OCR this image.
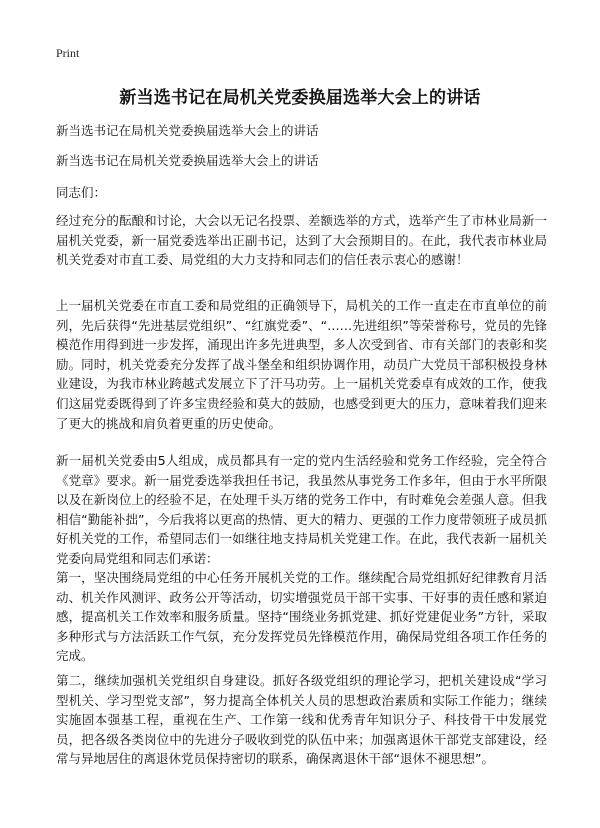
Print
新当选书记在局机关党委换届选举大会上的讲话
新当选书记在局机关党委换届选举大会上的讲话
新当选书记在局机关党委换届选举大会上的讲话
同志们：

经过充分的酝酿和讨论，大会以无记名投票、差额选举的方式，选举产生了市林业局新一届机关党委，新一届党委选举出正副书记，达到了大会预期目的。在此，我代表市林业局机关党委对市直工委、局党组的大力支持和同志们的信任表示衷心的感谢！

上一届机关党委在市直工委和局党组的正确领导下，局机关的工作一直走在市直单位的前列，先后获得“先进基层党组织”、“红旗党委”、“……先进组织”等荣誉称号，党员的先锋模范作用得到进一步发挥，涌现出许多先进典型，多人次受到省、市有关部门的表彰和奖励。同时，机关党委充分发挥了战斗堡垒和组织协调作用，动员广大党员干部积极投身林业建设，为我市林业跨越式发展立下了汗马功劳。上一届机关党委卓有成效的工作，使我们这届党委既得到了许多宝贵经验和莫大的鼓励，也感受到更大的压力，意味着我们迎来了更大的挑战和肩负着更重的历史使命。

新一届机关党委由5人组成，成员都具有一定的党内生活经验和党务工作经验，完全符合《党章》要求。新一届党委选举我担任书记，我虽然从事党务工作多年，但由于水平所限以及在新岗位上的经验不足，在处理千头万绪的党务工作中，有时难免会差强人意。但我相信“勤能补拙”，今后我将以更高的热情、更大的精力、更强的工作力度带领班子成员抓好机关党的工作，希望同志们一如继往地支持局机关党建工作。在此，我代表新一届机关党委向局党组和同志们承诺：

第一，坚决围绕局党组的中心任务开展机关党的工作。继续配合局党组抓好纪律教育月活动、机关作风测评、政务公开等活动，切实增强党员干部干实事、干好事的责任感和紧迫感，提高机关工作效率和服务质量。坚持“围绕业务抓党建、抓好党建促业务”方针，采取多种形式与方法活跃工作气氛，充分发挥党员先锋模范作用，确保局党组各项工作任务的完成。

第二，继续加强机关党组织自身建设。抓好各级党组织的理论学习，把机关建设成“学习型机关、学习型党支部”，努力提高全体机关人员的思想政治素质和实际工作能力；继续实施固本强基工程，重视在生产、工作第一线和优秀青年知识分子、科技骨干中发展党员，把各级各类岗位中的先进分子吸收到党的队伍中来；加强离退休干部党支部建设，经常与异地居住的离退休党员保持密切的联系，确保离退休干部“退休不褪思想”。
